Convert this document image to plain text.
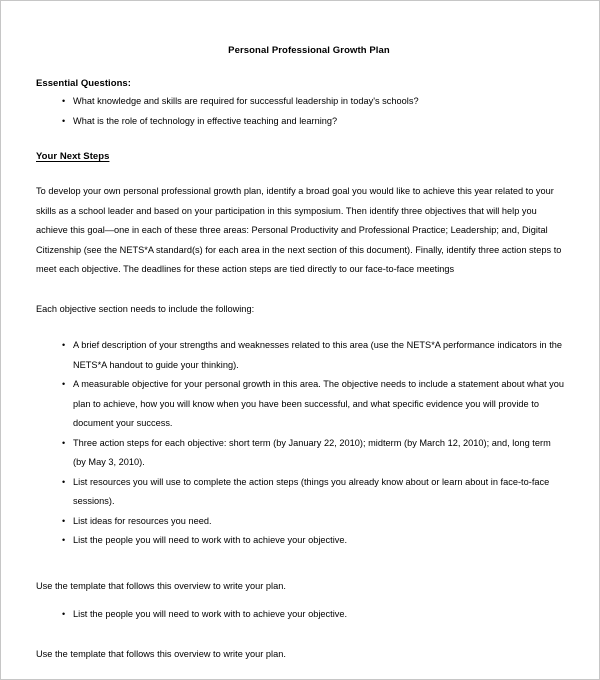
Personal Professional Growth Plan
Essential Questions:
• What knowledge and skills are required for successful leadership in today's schools?
• What is the role of technology in effective teaching and learning?
Your Next Steps

To develop your own personal professional growth plan, identify a broad goal you would like to achieve this year related to your skills as a school leader and based on your participation in this symposium. Then identify three objectives that will help you achieve this goal—one in each of these three areas: Personal Productivity and Professional Practice; Leadership; and, Digital Citizenship (see the NETS*A standard(s) for each area in the next section of this document). Finally, identify three action steps to meet each objective. The deadlines for these action steps are tied directly to our face-to-face meetings

Each objective section needs to include the following:

• A brief description of your strengths and weaknesses related to this area (use the NETS*A performance indicators in the NETS*A handout to guide your thinking).
• A measurable objective for your personal growth in this area. The objective needs to include a statement about what you plan to achieve, how you will know when you have been successful, and what specific evidence you will provide to document your success.
• Three action steps for each objective: short term (by January 22, 2010); midterm (by March 12, 2010); and, long term (by May 3, 2010).
• List resources you will use to complete the action steps (things you already know about or learn about in face-to-face sessions).
• List ideas for resources you need.
• List the people you will need to work with to achieve your objective.

Use the template that follows this overview to write your plan.

• List the people you will need to work with to achieve your objective.

Use the template that follows this overview to write your plan.
